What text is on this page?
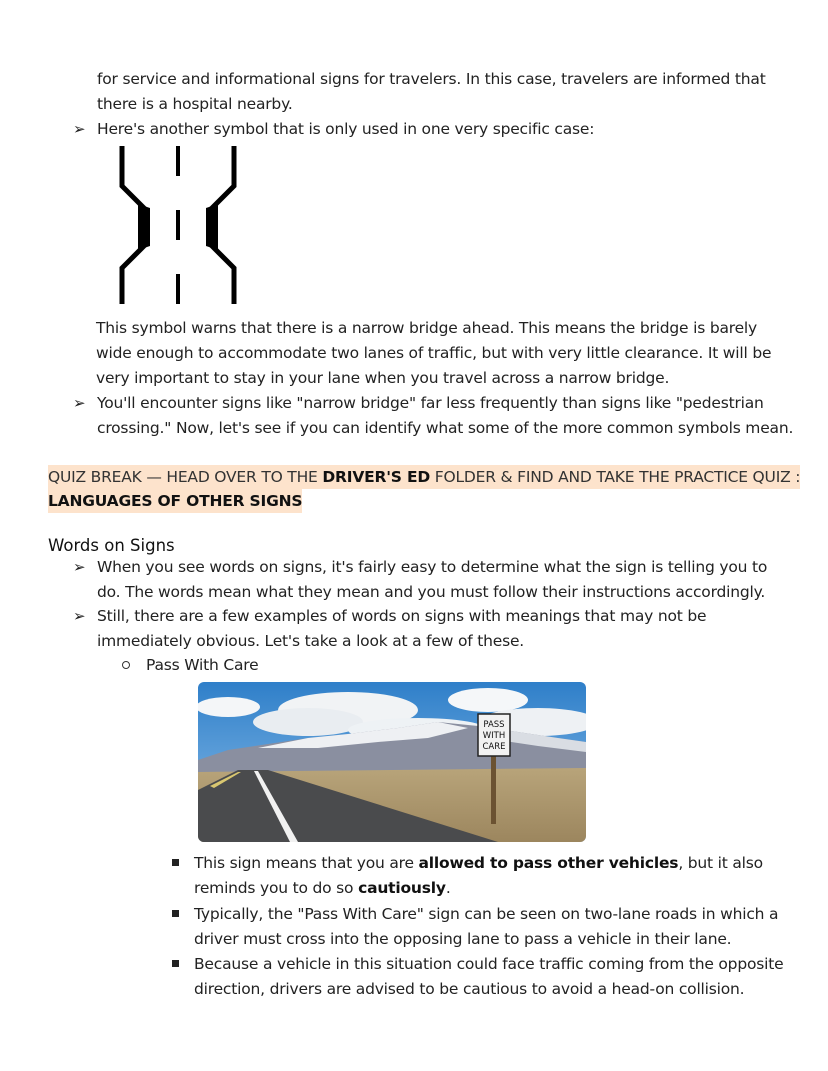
for service and informational signs for travelers. In this case, travelers are informed that
there is a hospital nearby.
➢ Here's another symbol that is only used in one very specific case:
This symbol warns that there is a narrow bridge ahead. This means the bridge is barely
wide enough to accommodate two lanes of traffic, but with very little clearance. It will be
very important to stay in your lane when you travel across a narrow bridge.
➢ You'll encounter signs like "narrow bridge" far less frequently than signs like "pedestrian
crossing." Now, let's see if you can identify what some of the more common symbols mean.
QUIZ BREAK — HEAD OVER TO THE DRIVER'S ED FOLDER & FIND AND TAKE THE PRACTICE QUIZ :
LANGUAGES OF OTHER SIGNS
Words on Signs
➢ When you see words on signs, it's fairly easy to determine what the sign is telling you to
do. The words mean what they mean and you must follow their instructions accordingly.
➢ Still, there are a few examples of words on signs with meanings that may not be
immediately obvious. Let's take a look at a few of these.
Pass With Care
PASS
WITH
CARE
This sign means that you are allowed to pass other vehicles, but it also
reminds you to do so cautiously.
Typically, the "Pass With Care" sign can be seen on two-lane roads in which a
driver must cross into the opposing lane to pass a vehicle in their lane.
Because a vehicle in this situation could face traffic coming from the opposite
direction, drivers are advised to be cautious to avoid a head-on collision.
